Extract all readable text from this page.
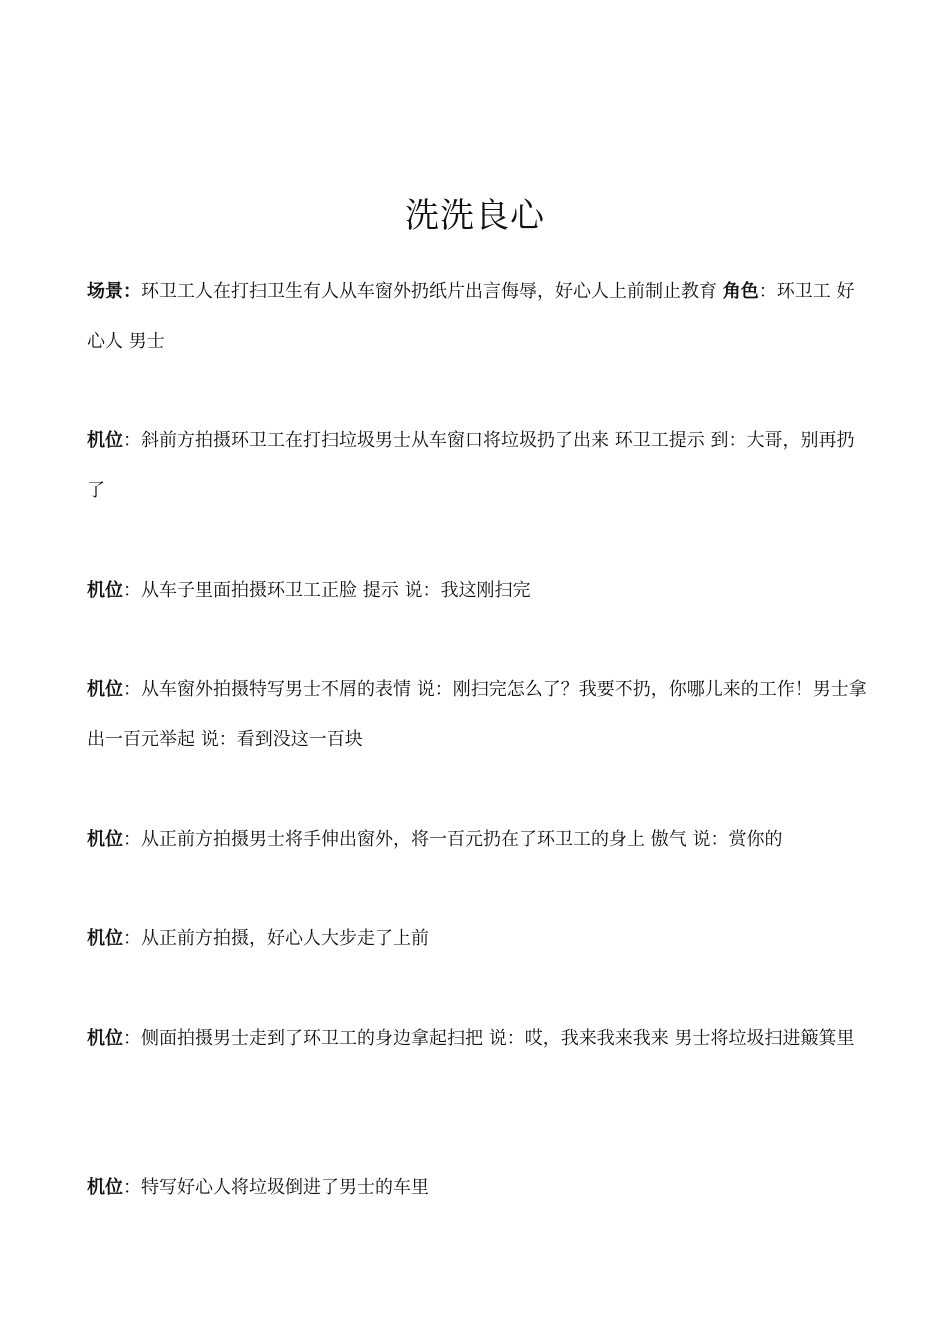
洗洗良心

场景：环卫工人在打扫卫生有人从车窗外扔纸片出言侮辱，好心人上前制止教育 角色：环卫工 好心人 男士

机位：斜前方拍摄环卫工在打扫垃圾男士从车窗口将垃圾扔了出来 环卫工提示 到：大哥，别再扔了

机位：从车子里面拍摄环卫工正脸 提示 说：我这刚扫完

机位：从车窗外拍摄特写男士不屑的表情 说：刚扫完怎么了？我要不扔，你哪儿来的工作！男士拿出一百元举起 说：看到没这一百块

机位：从正前方拍摄男士将手伸出窗外，将一百元扔在了环卫工的身上 傲气 说：赏你的

机位：从正前方拍摄，好心人大步走了上前

机位：侧面拍摄男士走到了环卫工的身边拿起扫把 说：哎，我来我来我来 男士将垃圾扫进簸箕里

机位：特写好心人将垃圾倒进了男士的车里
